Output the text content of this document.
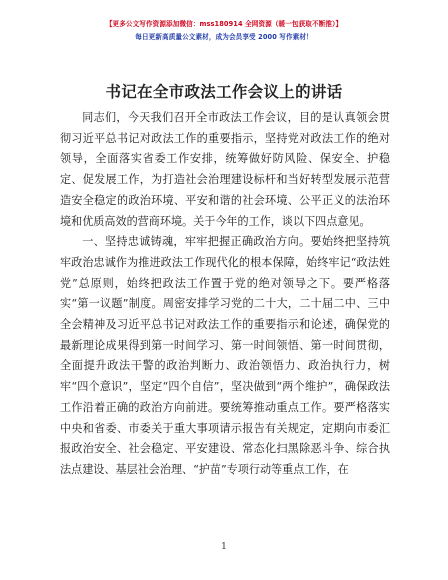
【更多公文写作资源添加微信：mss180914 全网资源（暖一包获取不断推）】
每日更新高质量公文素材，成为会员享受 2000 写作素材！
书记在全市政法工作会议上的讲话

同志们，今天我们召开全市政法工作会议，目的是认真领会贯彻习近平总书记对政法工作的重要指示，坚持党对政法工作的绝对领导，全面落实省委工作安排，统筹做好防风险、保安全、护稳定、促发展工作，为打造社会治理建设标杆和当好转型发展示范营造安全稳定的政治环境、平安和谐的社会环境、公平正义的法治环境和优质高效的营商环境。关于今年的工作，谈以下四点意见。

一、坚持忠诚铸魂，牢牢把握正确政治方向。要始终把坚持筑牢政治忠诚作为推进政法工作现代化的根本保障，始终牢记“政法姓党”总原则，始终把政法工作置于党的绝对领导之下。要严格落实“第一议题”制度。周密安排学习党的二十大，二十届二中、三中全会精神及习近平总书记对政法工作的重要指示和论述，确保党的最新理论成果得到第一时间学习、第一时间领悟、第一时间贯彻，全面提升政法干警的政治判断力、政治领悟力、政治执行力，树牢“四个意识”，坚定“四个自信”，坚决做到“两个维护”，确保政法工作沿着正确的政治方向前进。要统筹推动重点工作。要严格落实中央和省委、市委关于重大事项请示报告有关规定，定期向市委汇报政治安全、社会稳定、平安建设、常态化扫黑除恶斗争、综合执法点建设、基层社会治理、“护苗”专项行动等重点工作，在

1
